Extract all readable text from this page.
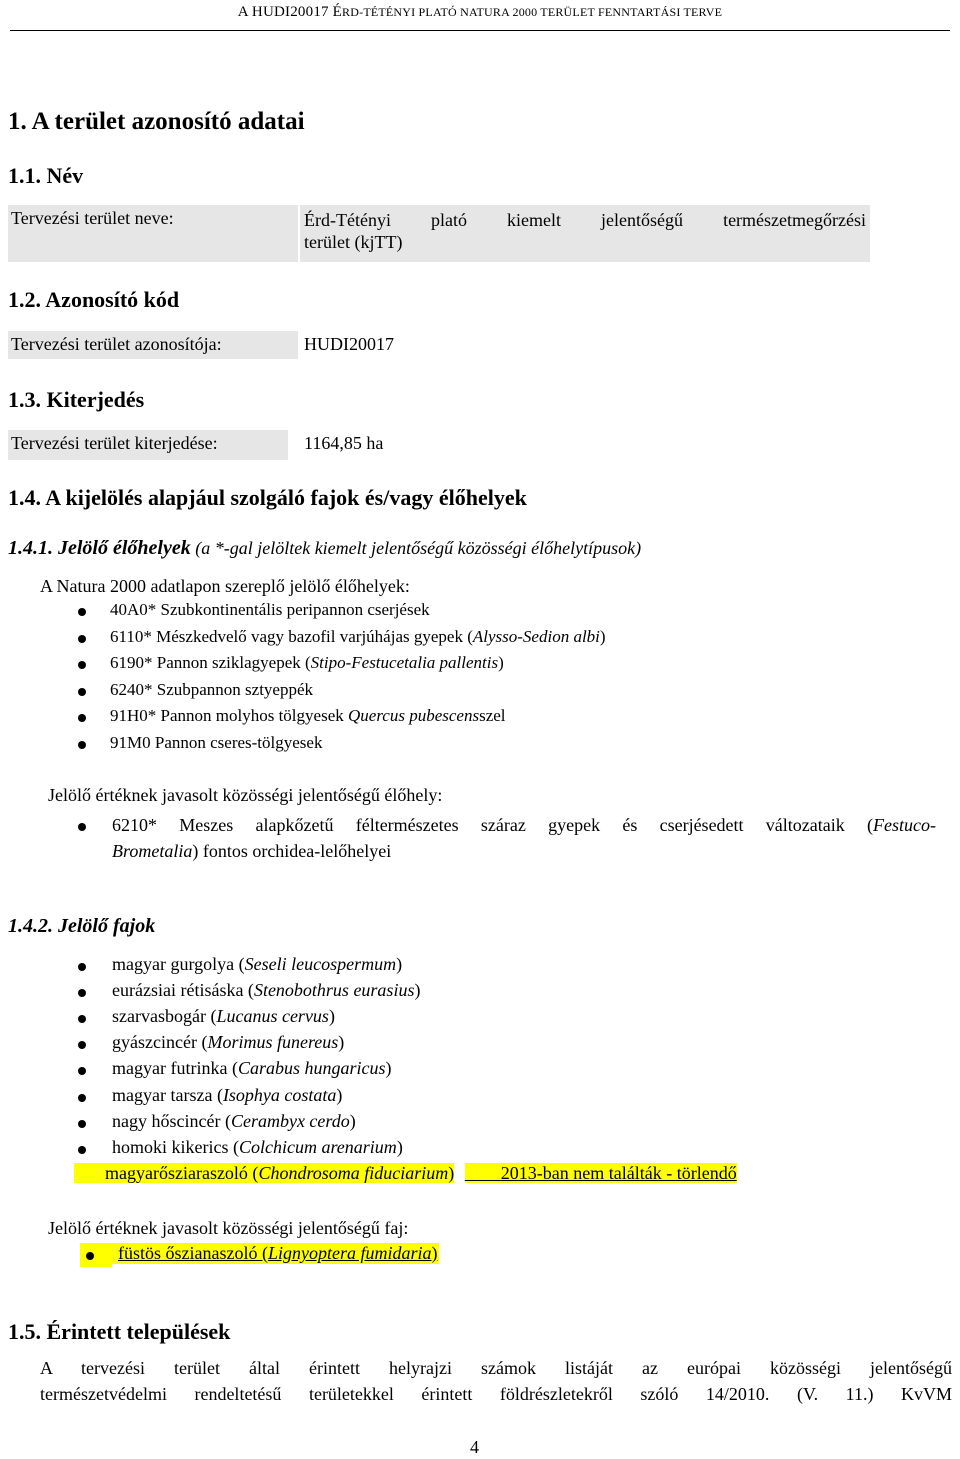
A HUDI20017 ÉRD-TÉTÉNYI PLATÓ NATURA 2000 TERÜLET FENNTARTÁSI TERVE
1. A terület azonosító adatai
1.1. Név
Tervezési terület neve:	Érd-Tétényi plató kiemelt jelentőségű természetmegőrzési
terület (kjTT)
1.2. Azonosító kód
Tervezési terület azonosítója:	HUDI20017
1.3. Kiterjedés
Tervezési terület kiterjedése:	1164,85 ha
1.4. A kijelölés alapjául szolgáló fajok és/vagy élőhelyek
1.4.1. Jelölő élőhelyek (a *-gal jelöltek kiemelt jelentőségű közösségi élőhelytípusok)
A Natura 2000 adatlapon szereplő jelölő élőhelyek:
40A0* Szubkontinentális peripannon cserjések
6110* Mészkedvelő vagy bazofil varjúhájas gyepek (Alysso-Sedion albi)
6190* Pannon sziklagyepek (Stipo-Festucetalia pallentis)
6240* Szubpannon sztyeppék
91H0* Pannon molyhos tölgyesek Quercus pubescensszel
91M0 Pannon cseres-tölgyesek
Jelölő értéknek javasolt közösségi jelentőségű élőhely:
6210* Meszes alapkőzetű féltermészetes száraz gyepek és cserjésedett változataik (Festuco-
Brometalia) fontos orchidea-lelőhelyei
1.4.2. Jelölő fajok
magyar gurgolya (Seseli leucospermum)
eurázsiai rétisáska (Stenobothrus eurasius)
szarvasbogár (Lucanus cervus)
gyászcincér (Morimus funereus)
magyar futrinka (Carabus hungaricus)
magyar tarsza (Isophya costata)
nagy hőscincér (Cerambyx cerdo)
homoki kikerics (Colchicum arenarium)
​      magyarősziaraszoló (Chondrosoma fiduciarium)	2013-ban nem találták - törlendő
Jelölő értéknek javasolt közösségi jelentőségű faj:
füstös őszianaszoló (Lignyoptera fumidaria)
1.5. Érintett települések
A tervezési terület által érintett helyrajzi számok listáját az európai közösségi jelentőségű
természetvédelmi rendeltetésű területekkel érintett földrészletekről szóló 14/2010. (V. 11.) KvVM
4
